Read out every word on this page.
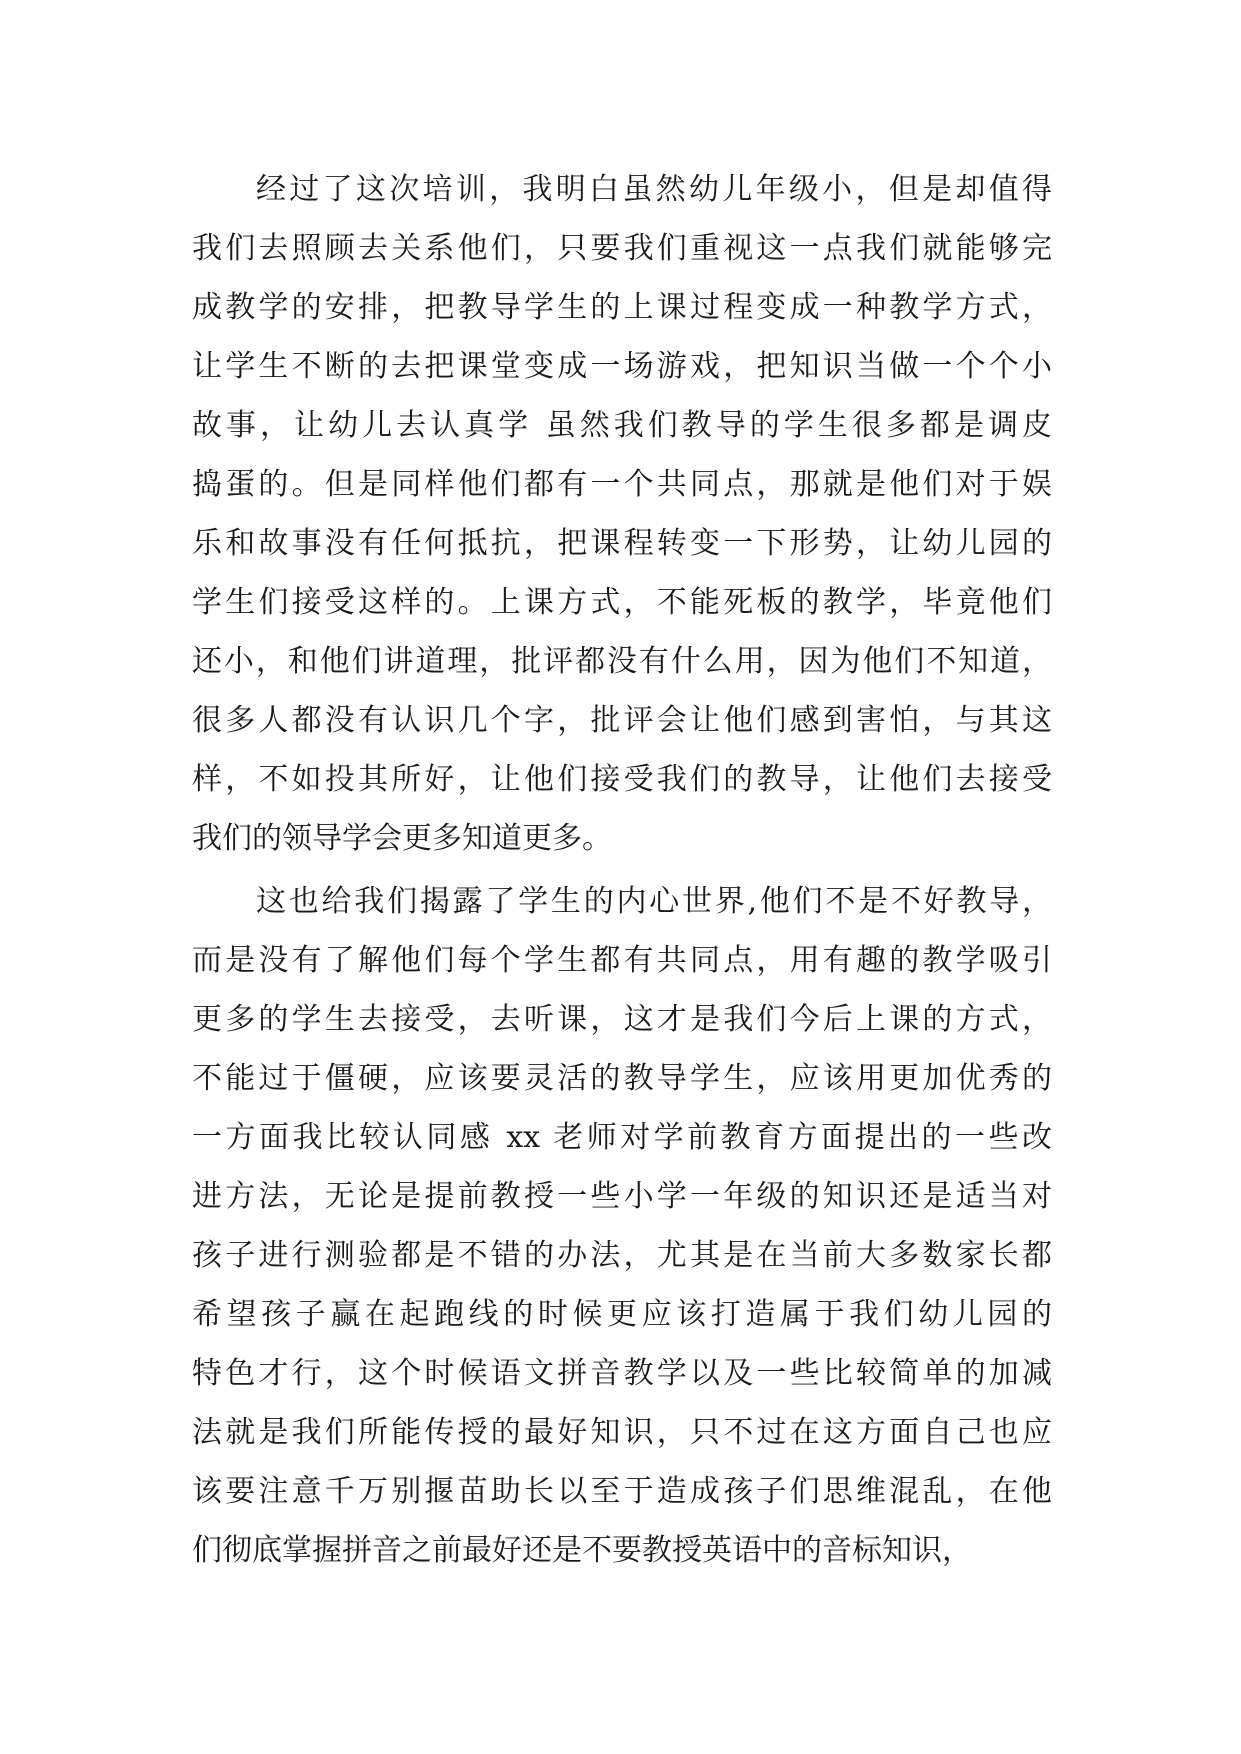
经过了这次培训，我明白虽然幼儿年级小，但是却值得
我们去照顾去关系他们，只要我们重视这一点我们就能够完
成教学的安排，把教导学生的上课过程变成一种教学方式，
让学生不断的去把课堂变成一场游戏，把知识当做一个个小
故事，让幼儿去认真学 虽然我们教导的学生很多都是调皮
捣蛋的。但是同样他们都有一个共同点，那就是他们对于娱
乐和故事没有任何抵抗，把课程转变一下形势，让幼儿园的
学生们接受这样的。上课方式，不能死板的教学，毕竟他们
还小，和他们讲道理，批评都没有什么用，因为他们不知道，
很多人都没有认识几个字，批评会让他们感到害怕，与其这
样，不如投其所好，让他们接受我们的教导，让他们去接受
我们的领导学会更多知道更多。

这也给我们揭露了学生的内心世界,他们不是不好教导，
而是没有了解他们每个学生都有共同点，用有趣的教学吸引
更多的学生去接受，去听课，这才是我们今后上课的方式，
不能过于僵硬，应该要灵活的教导学生，应该用更加优秀的
一方面我比较认同感 xx 老师对学前教育方面提出的一些改
进方法，无论是提前教授一些小学一年级的知识还是适当对
孩子进行测验都是不错的办法，尤其是在当前大多数家长都
希望孩子赢在起跑线的时候更应该打造属于我们幼儿园的
特色才行，这个时候语文拼音教学以及一些比较简单的加减
法就是我们所能传授的最好知识，只不过在这方面自己也应
该要注意千万别揠苗助长以至于造成孩子们思维混乱，在他
们彻底掌握拼音之前最好还是不要教授英语中的音标知识，
